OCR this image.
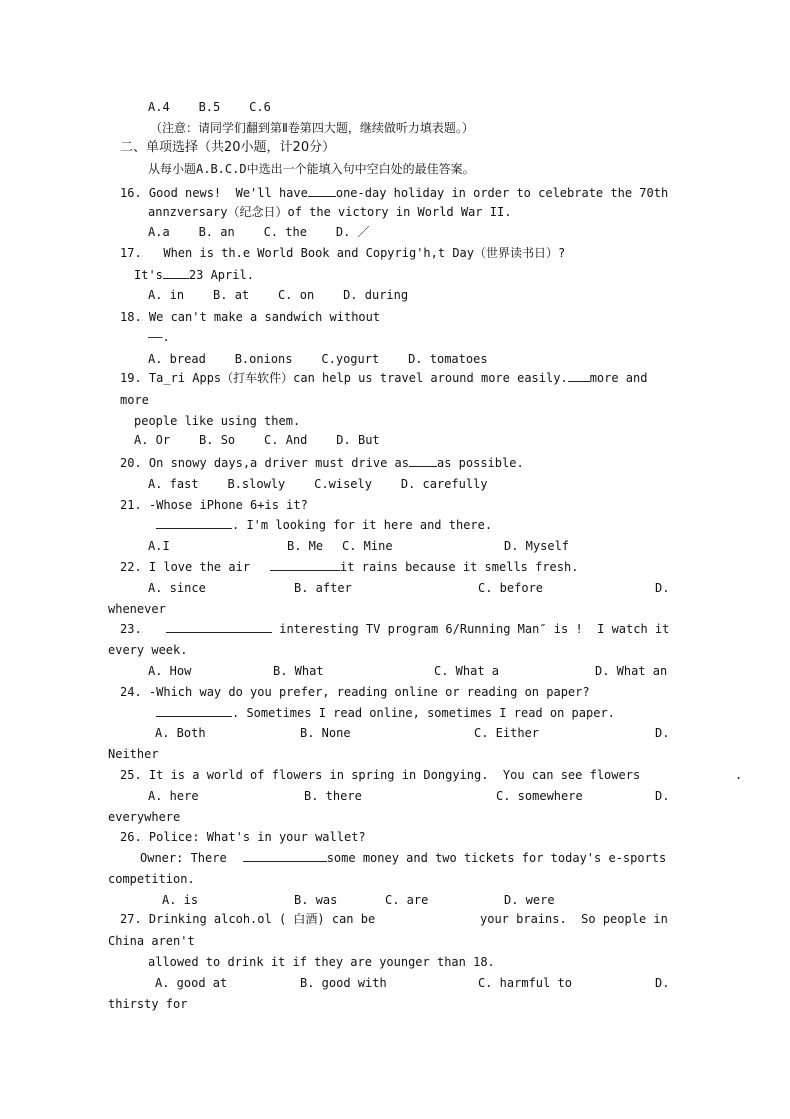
A.4    B.5    C.6
（注意：请同学们翻到第Ⅱ卷第四大题，继续做听力填表题。）
二、单项选择（共20小题，计20分）
从每小题A.B.C.D中选出一个能填入句中空白处的最佳答案。
16. Good news!  We'll have one-day holiday in order to celebrate the 70th
annzversary（纪念日）of the victory in World War II.
A.a    B. an    C. the    D. ／
17.   When is th.e World Book and Copyrig'h,t Day（世界读书日）?
It's 23 April.
A. in    B. at    C. on    D. during
18. We can't make a sandwich without
——.
A. bread    B.onions    C.yogurt    D. tomatoes
19. Ta_ri Apps（打车软件）can help us travel around more easily. more and
more
people like using them.
A. Or    B. So    C. And    D. But
20. On snowy days,a driver must drive as as possible.
A. fast    B.slowly    C.wisely    D. carefully
21. -Whose iPhone 6+is it?
. I'm looking for it here and there.
A.I	B. Me C. Mine	D. Myself
22. I love the air	it rains because it smells fresh.
A. since	B. after	C. before	D.
whenever
23.	interesting TV program 6/Running Man″ is !  I watch it
every week.
A. How	B. What	C. What a	D. What an
24. -Which way do you prefer, reading online or reading on paper?
. Sometimes I read online, sometimes I read on paper.
A. Both	B. None	C. Either	D.
Neither
25. It is a world of flowers in spring in Dongying.  You can see flowers	.
A. here	B. there	C. somewhere	D.
everywhere
26. Police: What's in your wallet?
Owner: There	some money and two tickets for today's e-sports
competition.
A. is	B. was	C. are	D. were
27. Drinking alcoh.ol ( 白酒) can be	your brains.  So people in
China aren't
allowed to drink it if they are younger than 18.
A. good at	B. good with	C. harmful to	D.
thirsty for
